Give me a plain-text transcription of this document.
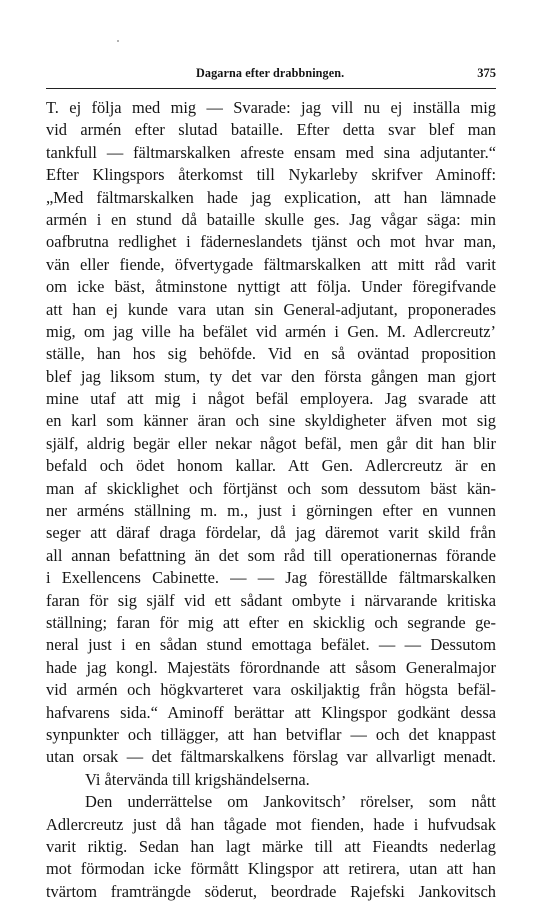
Dagarna efter drabbningen.	375
T. ej följa med mig — Svarade: jag vill nu ej inställa mig
vid armén efter slutad bataille. Efter detta svar blef man
tankfull — fältmarskalken afreste ensam med sina adjutanter.“
Efter Klingspors återkomst till Nykarleby skrifver Aminoff:
„Med fältmarskalken hade jag explication, att han lämnade
armén i en stund då bataille skulle ges. Jag vågar säga: min
oafbrutna redlighet i fäderneslandets tjänst och mot hvar man,
vän eller fiende, öfvertygade fältmarskalken att mitt råd varit
om icke bäst, åtminstone nyttigt att följa. Under föregifvande
att han ej kunde vara utan sin General-adjutant, proponerades
mig, om jag ville ha befälet vid armén i Gen. M. Adlercreutz’
ställe, han hos sig behöfde. Vid en så oväntad proposition
blef jag liksom stum, ty det var den första gången man gjort
mine utaf att mig i något befäl employera. Jag svarade att
en karl som känner äran och sine skyldigheter äfven mot sig
själf, aldrig begär eller nekar något befäl, men går dit han blir
befald och ödet honom kallar. Att Gen. Adlercreutz är en
man af skicklighet och förtjänst och som dessutom bäst kän-
ner arméns ställning m. m., just i görningen efter en vunnen
seger att däraf draga fördelar, då jag däremot varit skild från
all annan befattning än det som råd till operationernas förande
i Exellencens Cabinette. — — Jag föreställde fältmarskalken
faran för sig själf vid ett sådant ombyte i närvarande kritiska
ställning; faran för mig att efter en skicklig och segrande ge-
neral just i en sådan stund emottaga befälet. — — Dessutom
hade jag kongl. Majestäts förordnande att såsom Generalmajor
vid armén och högkvarteret vara oskiljaktig från högsta befäl-
hafvarens sida.“ Aminoff berättar att Klingspor godkänt dessa
synpunkter och tillägger, att han betviflar — och det knappast
utan orsak — det fältmarskalkens förslag var allvarligt menadt.
Vi återvända till krigshändelserna.
Den underrättelse om Jankovitsch’ rörelser, som nått
Adlercreutz just då han tågade mot fienden, hade i hufvudsak
varit riktig. Sedan han lagt märke till att Fieandts nederlag
mot förmodan icke förmått Klingspor att retirera, utan att han
tvärtom framträngde söderut, beordrade Rajefski Jankovitsch
